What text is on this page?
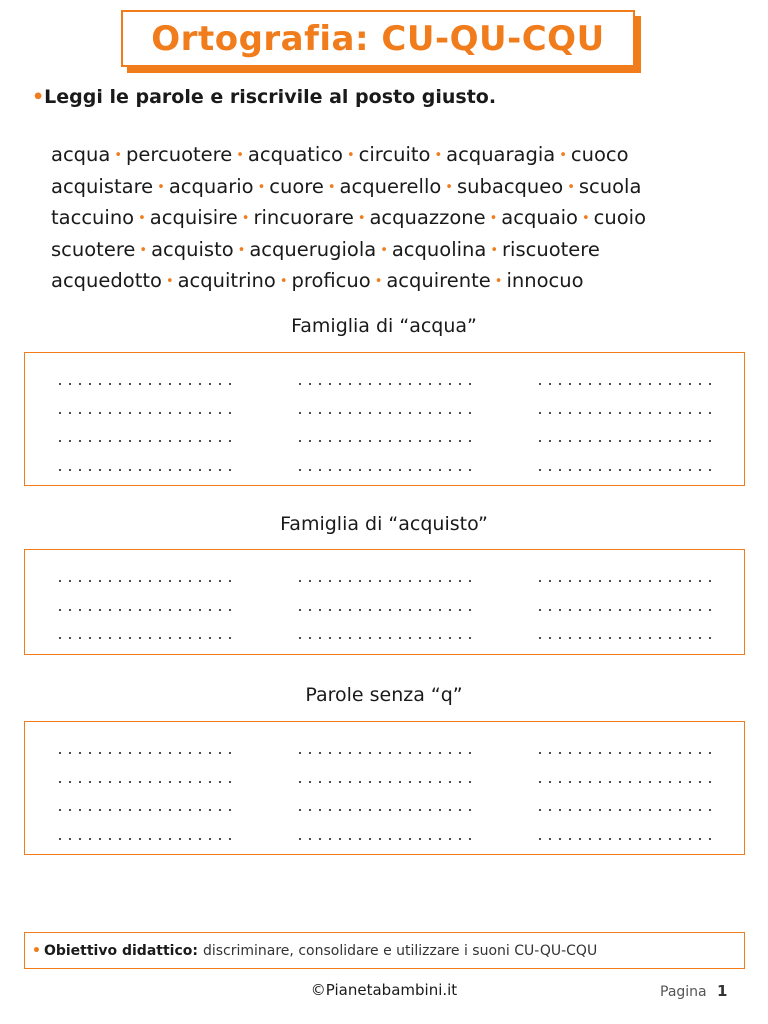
Ortografia: CU-QU-CQU
•Leggi le parole e riscrivile al posto giusto.
acqua • percuotere • acquatico • circuito • acquaragia • cuoco
acquistare • acquario • cuore • acquerello • subacqueo • scuola
taccuino • acquisire • rincuorare • acquazzone • acquaio • cuoio
scuotere • acquisto • acquerugiola • acquolina • riscuotere
acquedotto • acquitrino • proficuo • acquirente • innocuo
Famiglia di “acqua”
Famiglia di “acquisto”
Parole senza “q”
• Obiettivo didattico: discriminare, consolidare e utilizzare i suoni CU-QU-CQU
©Pianetabambini.it	Pagina 1
